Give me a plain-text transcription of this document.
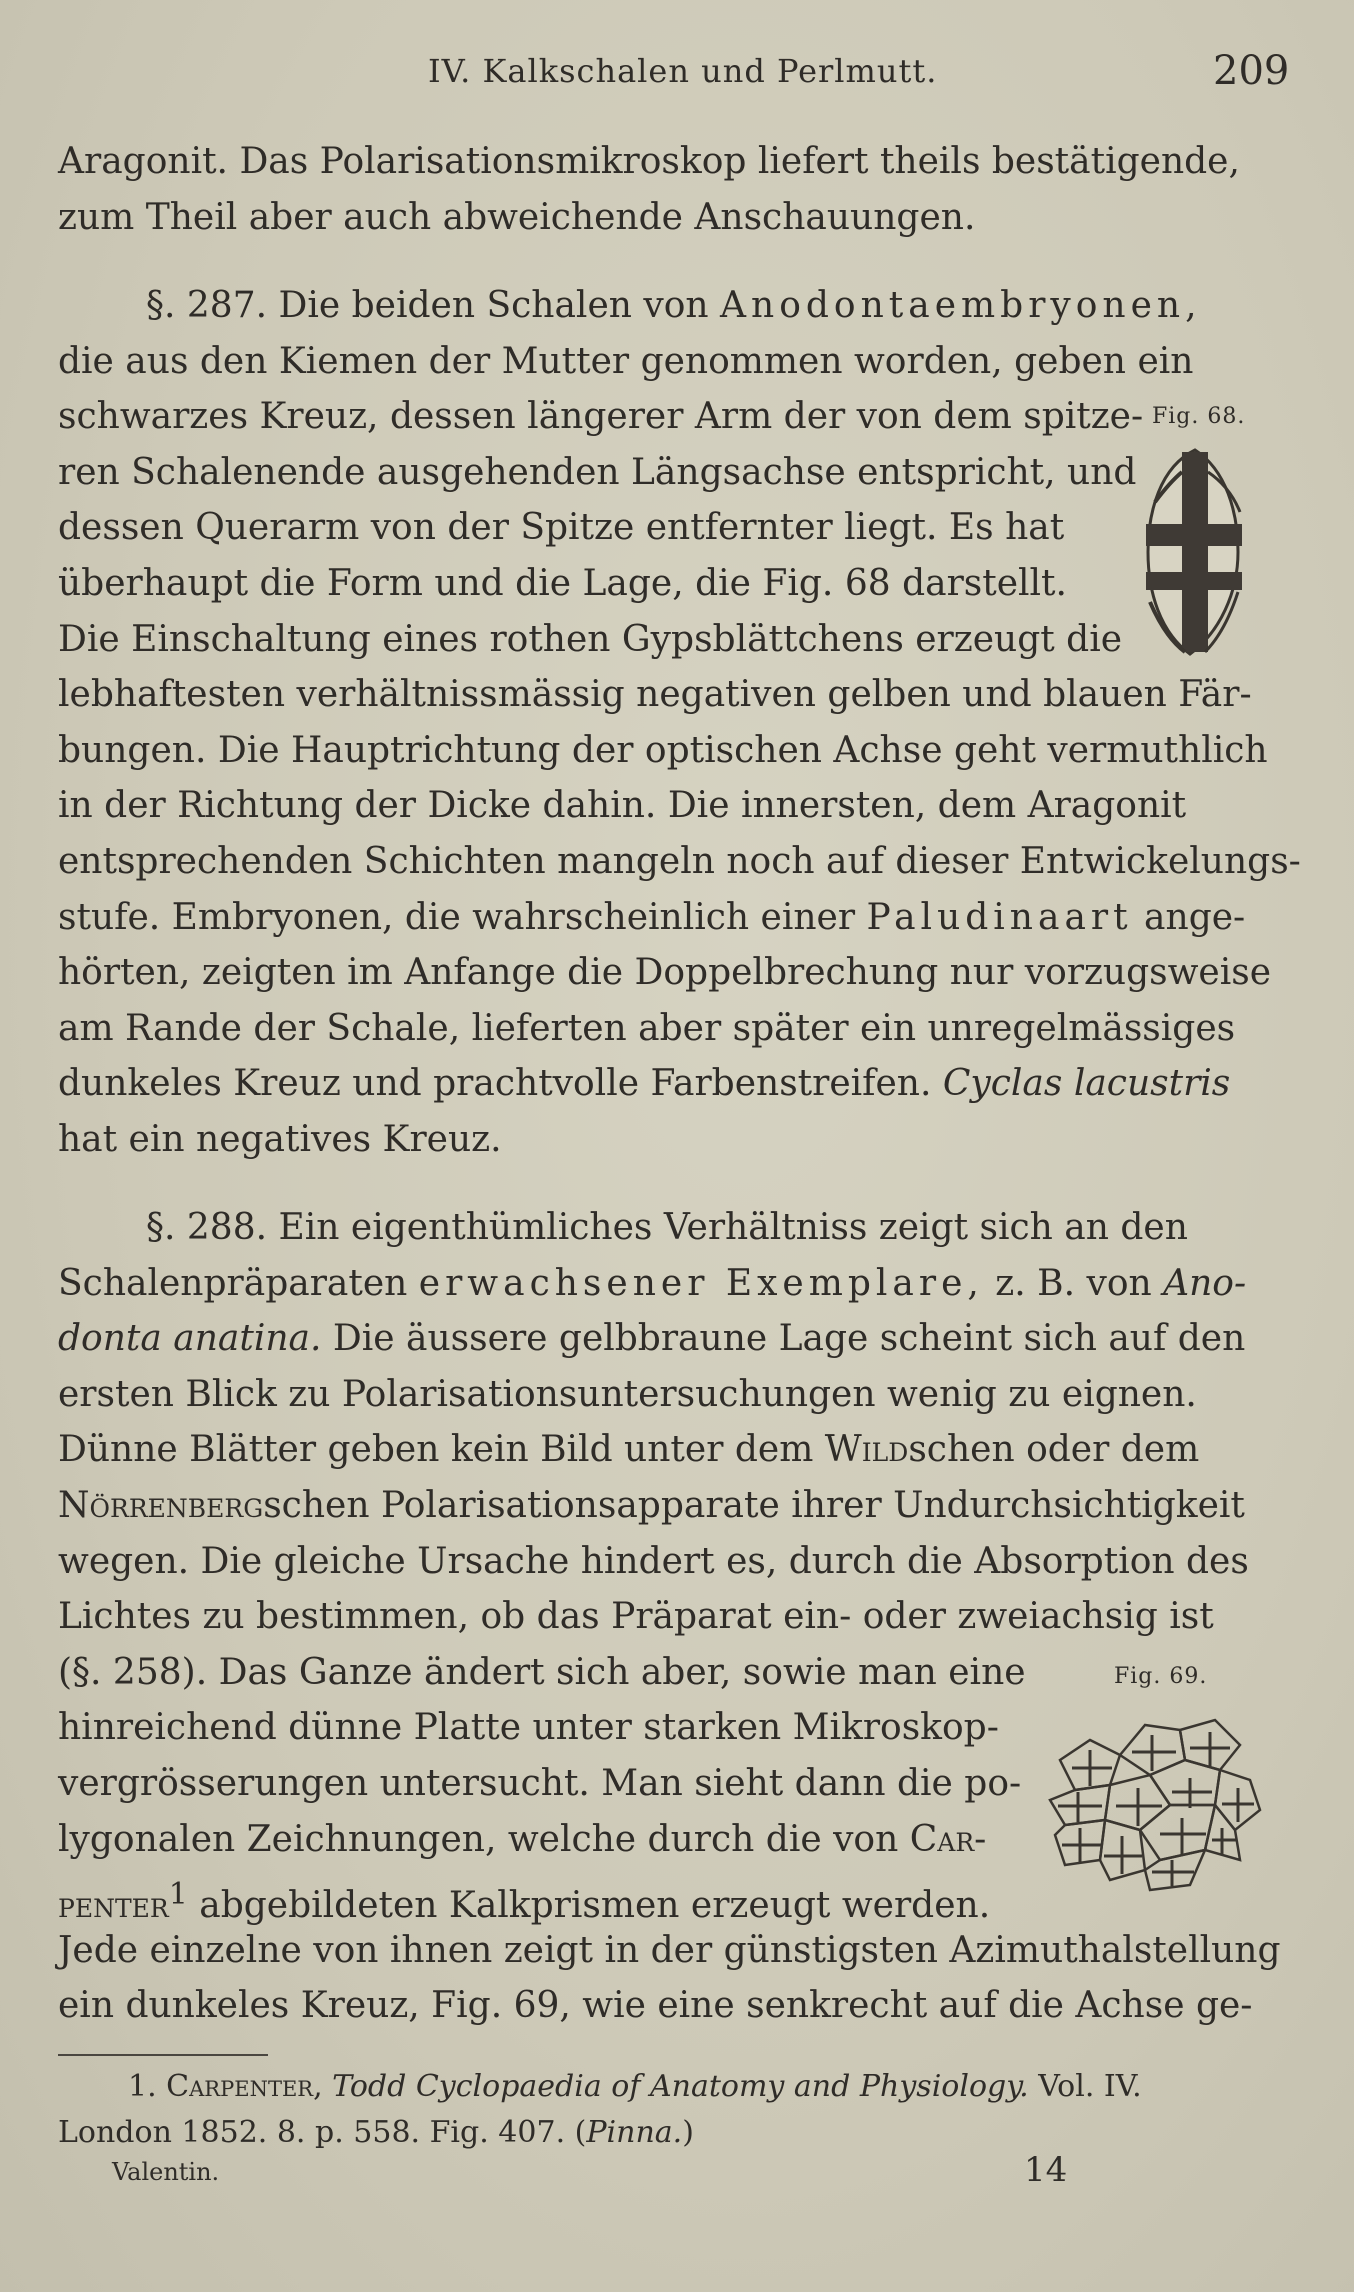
IV. Kalkschalen und Perlmutt.	209
Aragonit. Das Polarisationsmikroskop liefert theils bestätigende,
zum Theil aber auch abweichende Anschauungen.
§. 287. Die beiden Schalen von Anodontaembryonen,
die aus den Kiemen der Mutter genommen worden, geben ein
schwarzes Kreuz, dessen längerer Arm der von dem spitze-
ren Schalenende ausgehenden Längsachse entspricht, und
dessen Querarm von der Spitze entfernter liegt. Es hat
überhaupt die Form und die Lage, die Fig. 68 darstellt.
Die Einschaltung eines rothen Gypsblättchens erzeugt die
lebhaftesten verhältnissmässig negativen gelben und blauen Fär-
bungen. Die Hauptrichtung der optischen Achse geht vermuthlich
in der Richtung der Dicke dahin. Die innersten, dem Aragonit
entsprechenden Schichten mangeln noch auf dieser Entwickelungs-
stufe. Embryonen, die wahrscheinlich einer Paludinaart ange-
hörten, zeigten im Anfange die Doppelbrechung nur vorzugsweise
am Rande der Schale, lieferten aber später ein unregelmässiges
dunkeles Kreuz und prachtvolle Farbenstreifen. Cyclas lacustris
hat ein negatives Kreuz.
Fig. 68.
§. 288. Ein eigenthümliches Verhältniss zeigt sich an den
Schalenpräparaten erwachsener Exemplare, z. B. von Ano-
donta anatina. Die äussere gelbbraune Lage scheint sich auf den
ersten Blick zu Polarisationsuntersuchungen wenig zu eignen.
Dünne Blätter geben kein Bild unter dem Wildschen oder dem
Nörrenbergschen Polarisationsapparate ihrer Undurchsichtigkeit
wegen. Die gleiche Ursache hindert es, durch die Absorption des
Lichtes zu bestimmen, ob das Präparat ein- oder zweiachsig ist
(§. 258). Das Ganze ändert sich aber, sowie man eine
hinreichend dünne Platte unter starken Mikroskop-
vergrösserungen untersucht. Man sieht dann die po-
lygonalen Zeichnungen, welche durch die von Car-
penter$^1$ abgebildeten Kalkprismen erzeugt werden.
Jede einzelne von ihnen zeigt in der günstigsten Azimuthalstellung
ein dunkeles Kreuz, Fig. 69, wie eine senkrecht auf die Achse ge-
Fig. 69.
1. Carpenter, Todd Cyclopaedia of Anatomy and Physiology. Vol. IV.
London 1852. 8. p. 558. Fig. 407. (Pinna.)
Valentin.	14
